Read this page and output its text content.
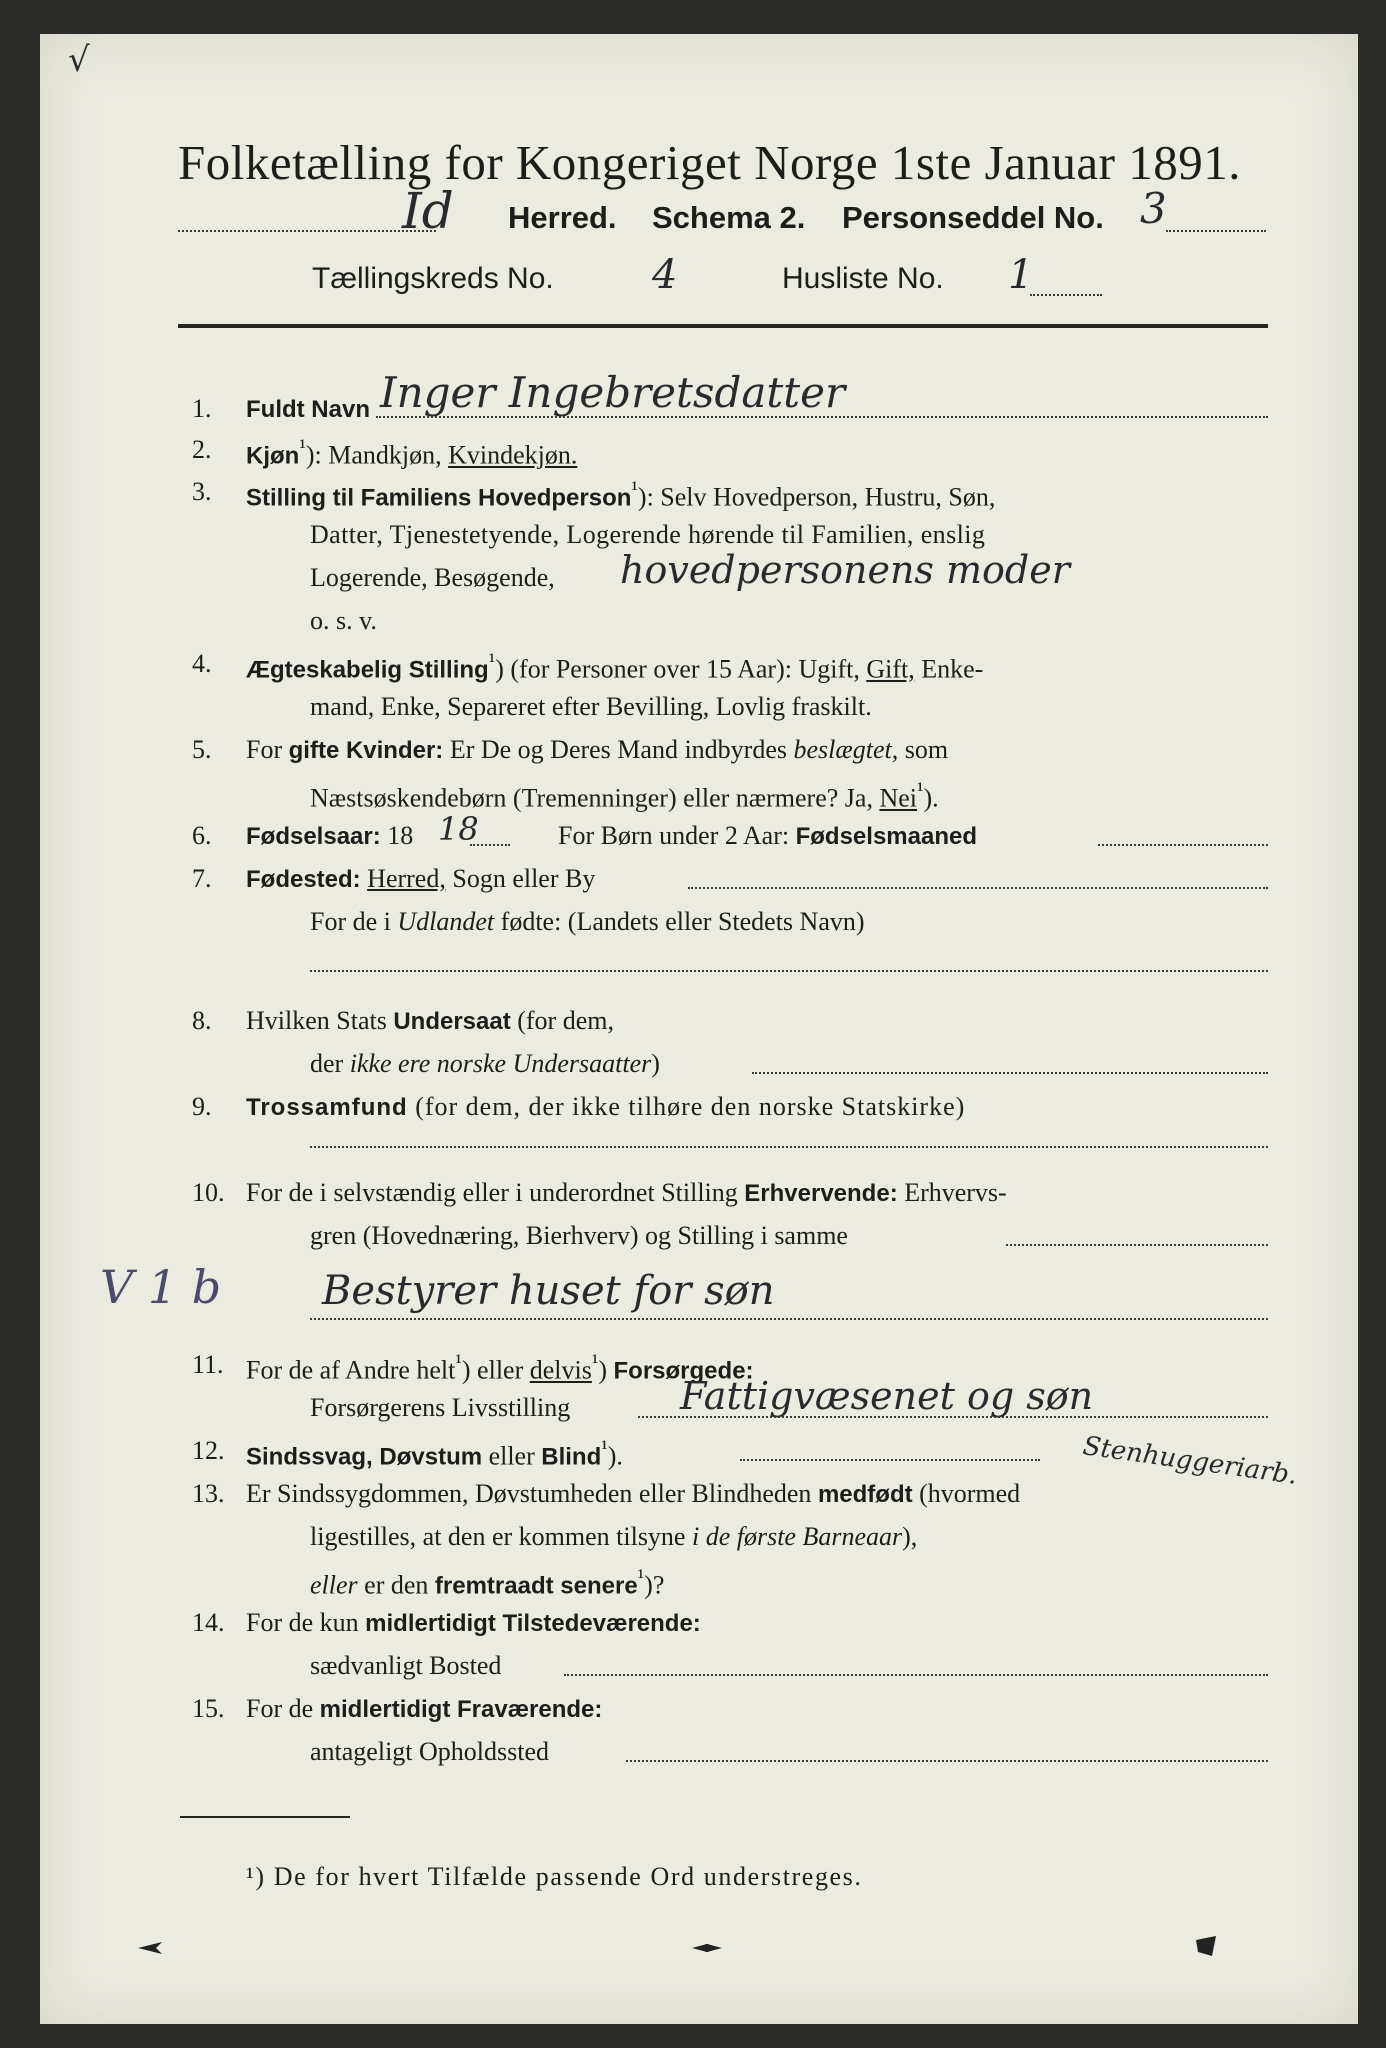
√
Folketælling for Kongeriget Norge 1ste Januar 1891.
Id Herred. Schema 2. Personseddel No. 3
Tællingskreds No. 4	Husliste No. 1
1. Fuldt Navn Inger Ingebretsdatter
2. Kjøn$^{^1}$): Mandkjøn, Kvindekjøn.
3. Stilling til Familiens Hovedperson$^{^1}$): Selv Hovedperson, Hustru, Søn,
Datter, Tjenestetyende, Logerende hørende til Familien, enslig
Logerende, Besøgende, hovedpersonens moder
o. s. v.
4. Ægteskabelig Stilling$^{^1}$) (for Personer over 15 Aar): Ugift, Gift, Enke-
mand, Enke, Separeret efter Bevilling, Lovlig fraskilt.
5. For gifte Kvinder: Er De og Deres Mand indbyrdes beslægtet, som
Næstsøskendebørn (Tremenninger) eller nærmere? Ja, Nei$^{^1}$).
6. Fødselsaar: 18 18	For Børn under 2 Aar: Fødselsmaaned
7. Fødested: Herred, Sogn eller By
For de i Udlandet fødte: (Landets eller Stedets Navn)
8. Hvilken Stats Undersaat (for dem,
der ikke ere norske Undersaatter)
9. Trossamfund (for dem, der ikke tilhøre den norske Statskirke)
10. For de i selvstændig eller i underordnet Stilling Erhvervende: Erhvervs-
gren (Hovednæring, Bierhverv) og Stilling i samme
V 1 b	Bestyrer huset for søn
11. For de af Andre helt$^{^1}$) eller delvis$^{^1}$) Forsørgede:
Forsørgerens Livsstilling	Fattigvæsenet og søn
Stenhuggeriarb.
12. Sindssvag, Døvstum eller Blind$^{^1}$).
13. Er Sindssygdommen, Døvstumheden eller Blindheden medfødt (hvormed
ligestilles, at den er kommen tilsyne i de første Barneaar),
eller er den fremtraadt senere$^{^1}$)?
14. For de kun midlertidigt Tilstedeværende:
sædvanligt Bosted
15. For de midlertidigt Fraværende:
antageligt Opholdssted
¹) De for hvert Tilfælde passende Ord understreges.
